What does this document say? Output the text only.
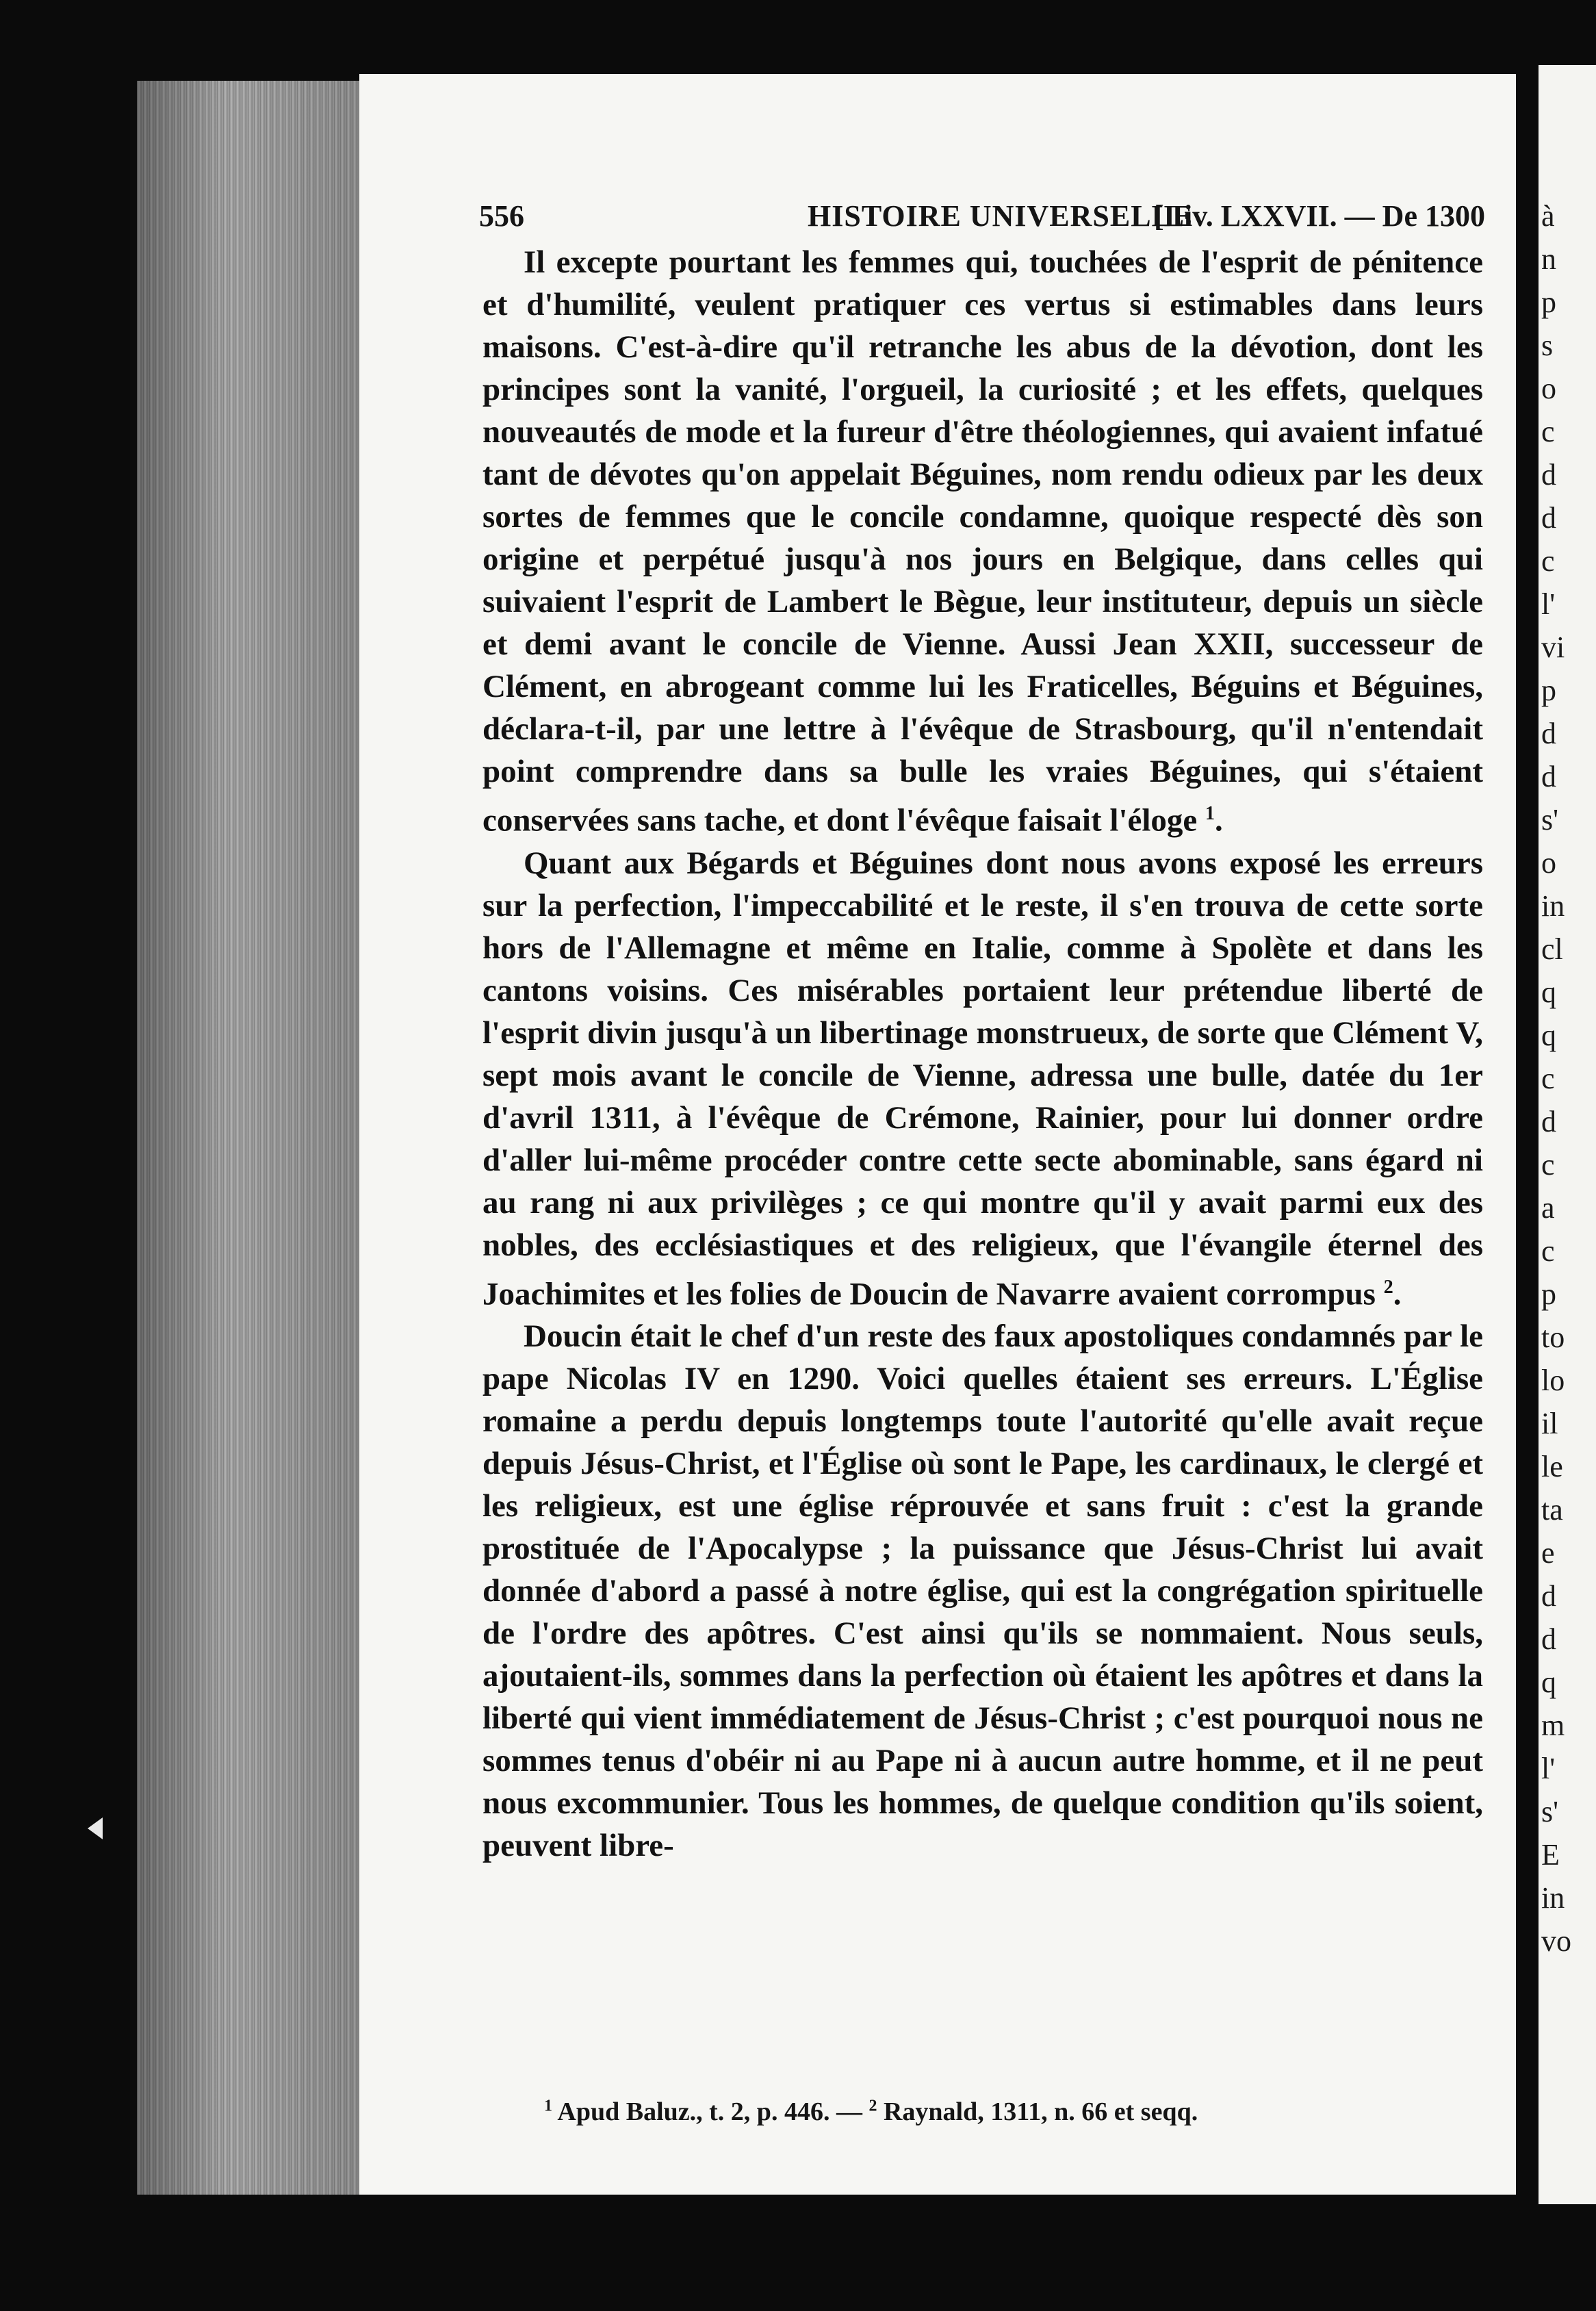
556	HISTOIRE UNIVERSELLE
[Liv. LXXVII. — De 1300

Il excepte pourtant les femmes qui, touchées de l'esprit de pénitence et d'humilité, veulent pratiquer ces vertus si estimables dans leurs maisons. C'est-à-dire qu'il retranche les abus de la dévotion, dont les principes sont la vanité, l'orgueil, la curiosité ; et les effets, quelques nouveautés de mode et la fureur d'être théologiennes, qui avaient infatué tant de dévotes qu'on appelait Béguines, nom rendu odieux par les deux sortes de femmes que le concile condamne, quoique respecté dès son origine et perpétué jusqu'à nos jours en Belgique, dans celles qui suivaient l'esprit de Lambert le Bègue, leur instituteur, depuis un siècle et demi avant le concile de Vienne. Aussi Jean XXII, successeur de Clément, en abrogeant comme lui les Fraticelles, Béguins et Béguines, déclara-t-il, par une lettre à l'évêque de Strasbourg, qu'il n'entendait point comprendre dans sa bulle les vraies Béguines, qui s'étaient conservées sans tache, et dont l'évêque faisait l'éloge $^1$.

Quant aux Bégards et Béguines dont nous avons exposé les erreurs sur la perfection, l'impeccabilité et le reste, il s'en trouva de cette sorte hors de l'Allemagne et même en Italie, comme à Spolète et dans les cantons voisins. Ces misérables portaient leur prétendue liberté de l'esprit divin jusqu'à un libertinage monstrueux, de sorte que Clément V, sept mois avant le concile de Vienne, adressa une bulle, datée du 1er d'avril 1311, à l'évêque de Crémone, Rainier, pour lui donner ordre d'aller lui-même procéder contre cette secte abominable, sans égard ni au rang ni aux privilèges ; ce qui montre qu'il y avait parmi eux des nobles, des ecclésiastiques et des religieux, que l'évangile éternel des Joachimites et les folies de Doucin de Navarre avaient corrompus $^2$.

Doucin était le chef d'un reste des faux apostoliques condamnés par le pape Nicolas IV en 1290. Voici quelles étaient ses erreurs. L'Église romaine a perdu depuis longtemps toute l'autorité qu'elle avait reçue depuis Jésus-Christ, et l'Église où sont le Pape, les cardinaux, le clergé et les religieux, est une église réprouvée et sans fruit : c'est la grande prostituée de l'Apocalypse ; la puissance que Jésus-Christ lui avait donnée d'abord a passé à notre église, qui est la congrégation spirituelle de l'ordre des apôtres. C'est ainsi qu'ils se nommaient. Nous seuls, ajoutaient-ils, sommes dans la perfection où étaient les apôtres et dans la liberté qui vient immédiatement de Jésus-Christ ; c'est pourquoi nous ne sommes tenus d'obéir ni au Pape ni à aucun autre homme, et il ne peut nous excommunier. Tous les hommes, de quelque condition qu'ils soient, peuvent libre-

$^1$ Apud Baluz., t. 2, p. 446. — $^2$ Raynald, 1311, n. 66 et seqq.
à
n
p
s
o
c
d
d
c
l'
vi
p
d
d
s'
o
in
cl
q
q
c
d
c
a
c
p
to
lo
il
le
ta
e
d
d
q
m
l'
s'
E
in
vo
